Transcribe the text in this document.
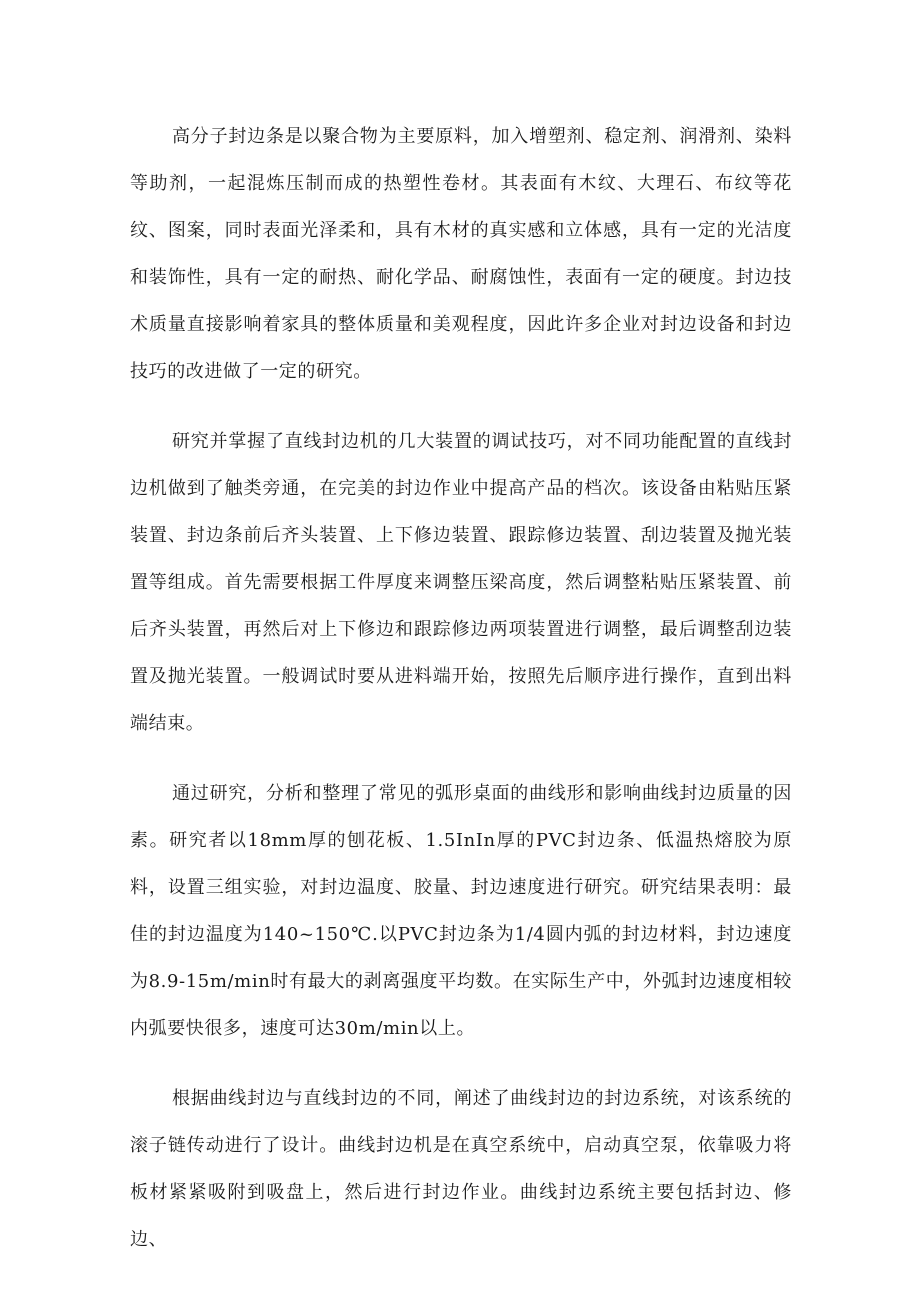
高分子封边条是以聚合物为主要原料，加入增塑剂、稳定剂、润滑剂、染料等助剂，一起混炼压制而成的热塑性卷材。其表面有木纹、大理石、布纹等花纹、图案，同时表面光泽柔和，具有木材的真实感和立体感，具有一定的光洁度和装饰性，具有一定的耐热、耐化学品、耐腐蚀性，表面有一定的硬度。封边技术质量直接影响着家具的整体质量和美观程度，因此许多企业对封边设备和封边技巧的改进做了一定的研究。

研究并掌握了直线封边机的几大装置的调试技巧，对不同功能配置的直线封边机做到了触类旁通，在完美的封边作业中提高产品的档次。该设备由粘贴压紧装置、封边条前后齐头装置、上下修边装置、跟踪修边装置、刮边装置及抛光装置等组成。首先需要根据工件厚度来调整压梁高度，然后调整粘贴压紧装置、前后齐头装置，再然后对上下修边和跟踪修边两项装置进行调整，最后调整刮边装置及抛光装置。一般调试时要从进料端开始，按照先后顺序进行操作，直到出料端结束。

通过研究，分析和整理了常见的弧形桌面的曲线形和影响曲线封边质量的因素。研究者以18mm厚的刨花板、1.5InIn厚的PVC封边条、低温热熔胶为原料，设置三组实验，对封边温度、胶量、封边速度进行研究。研究结果表明：最佳的封边温度为140~150℃.以PVC封边条为1/4圆内弧的封边材料，封边速度为8.9-15m/min时有最大的剥离强度平均数。在实际生产中，外弧封边速度相较内弧要快很多，速度可达30m/min以上。

根据曲线封边与直线封边的不同，阐述了曲线封边的封边系统，对该系统的滚子链传动进行了设计。曲线封边机是在真空系统中，启动真空泵，依靠吸力将板材紧紧吸附到吸盘上，然后进行封边作业。曲线封边系统主要包括封边、修边、
